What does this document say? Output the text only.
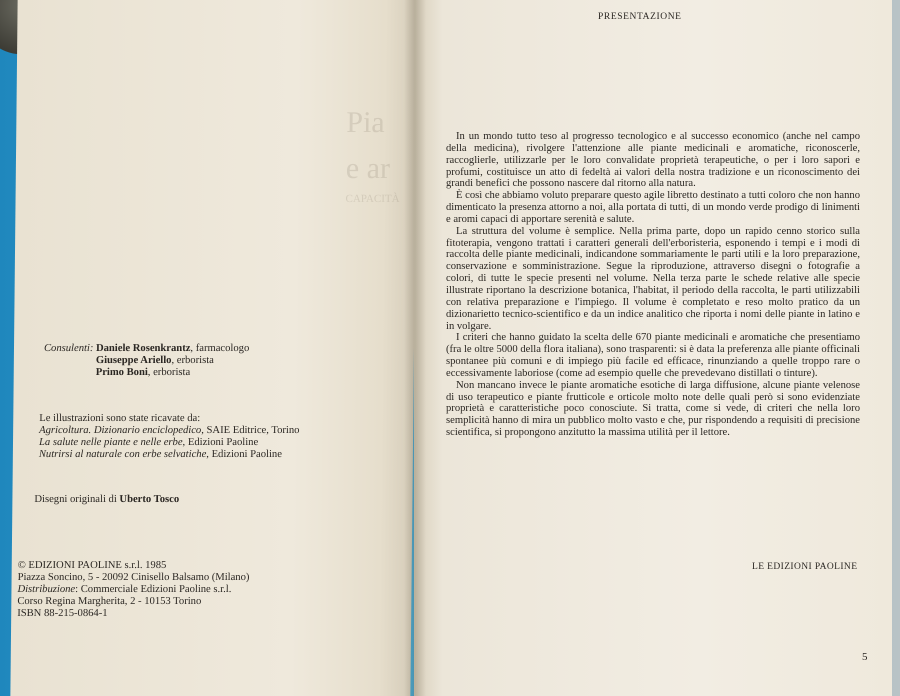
Pia
e ar
CAPACITÀ
Consulenti: Daniele Rosenkrantz, farmacologo
Giuseppe Ariello, erborista
Primo Boni, erborista
Le illustrazioni sono state ricavate da:
Agricoltura. Dizionario enciclopedico, SAIE Editrice, Torino
La salute nelle piante e nelle erbe, Edizioni Paoline
Nutrirsi al naturale con erbe selvatiche, Edizioni Paoline
Disegni originali di Uberto Tosco
© EDIZIONI PAOLINE s.r.l. 1985
Piazza Soncino, 5 - 20092 Cinisello Balsamo (Milano)
Distribuzione: Commerciale Edizioni Paoline s.r.l.
Corso Regina Margherita, 2 - 10153 Torino
ISBN 88-215-0864-1
PRESENTAZIONE

In un mondo tutto teso al progresso tecnologico e al successo economico (anche nel campo della medicina), rivolgere l'attenzione alle piante medicinali e aromatiche, riconoscerle, raccoglierle, utilizzarle per le loro convalidate proprietà terapeutiche, o per i loro sapori e profumi, costituisce un atto di fedeltà ai valori della nostra tradizione e un riconoscimento dei grandi benefici che possono nascere dal ritorno alla natura.

È così che abbiamo voluto preparare questo agile libretto destinato a tutti coloro che non hanno dimenticato la presenza attorno a noi, alla portata di tutti, di un mondo verde prodigo di linimenti e aromi capaci di apportare serenità e salute.

La struttura del volume è semplice. Nella prima parte, dopo un rapido cenno storico sulla fitoterapia, vengono trattati i caratteri generali dell'erboristeria, esponendo i tempi e i modi di raccolta delle piante medicinali, indicandone sommariamente le parti utili e la loro preparazione, conservazione e somministrazione. Segue la riproduzione, attraverso disegni o fotografie a colori, di tutte le specie presenti nel volume. Nella terza parte le schede relative alle specie illustrate riportano la descrizione botanica, l'habitat, il periodo della raccolta, le parti utilizzabili con relativa preparazione e l'impiego. Il volume è completato e reso molto pratico da un dizionarietto tecnico-scientifico e da un indice analitico che riporta i nomi delle piante in latino e in volgare.

I criteri che hanno guidato la scelta delle 670 piante medicinali e aromatiche che presentiamo (fra le oltre 5000 della flora italiana), sono trasparenti: si è data la preferenza alle piante officinali spontanee più comuni e di impiego più facile ed efficace, rinunziando a quelle troppo rare o eccessivamente laboriose (come ad esempio quelle che prevedevano distillati o tinture).

Non mancano invece le piante aromatiche esotiche di larga diffusione, alcune piante velenose di uso terapeutico e piante frutticole e orticole molto note delle quali però si sono evidenziate proprietà e caratteristiche poco conosciute. Si tratta, come si vede, di criteri che nella loro semplicità hanno di mira un pubblico molto vasto e che, pur rispondendo a requisiti di precisione scientifica, si propongono anzitutto la massima utilità per il lettore.

LE EDIZIONI PAOLINE
5
